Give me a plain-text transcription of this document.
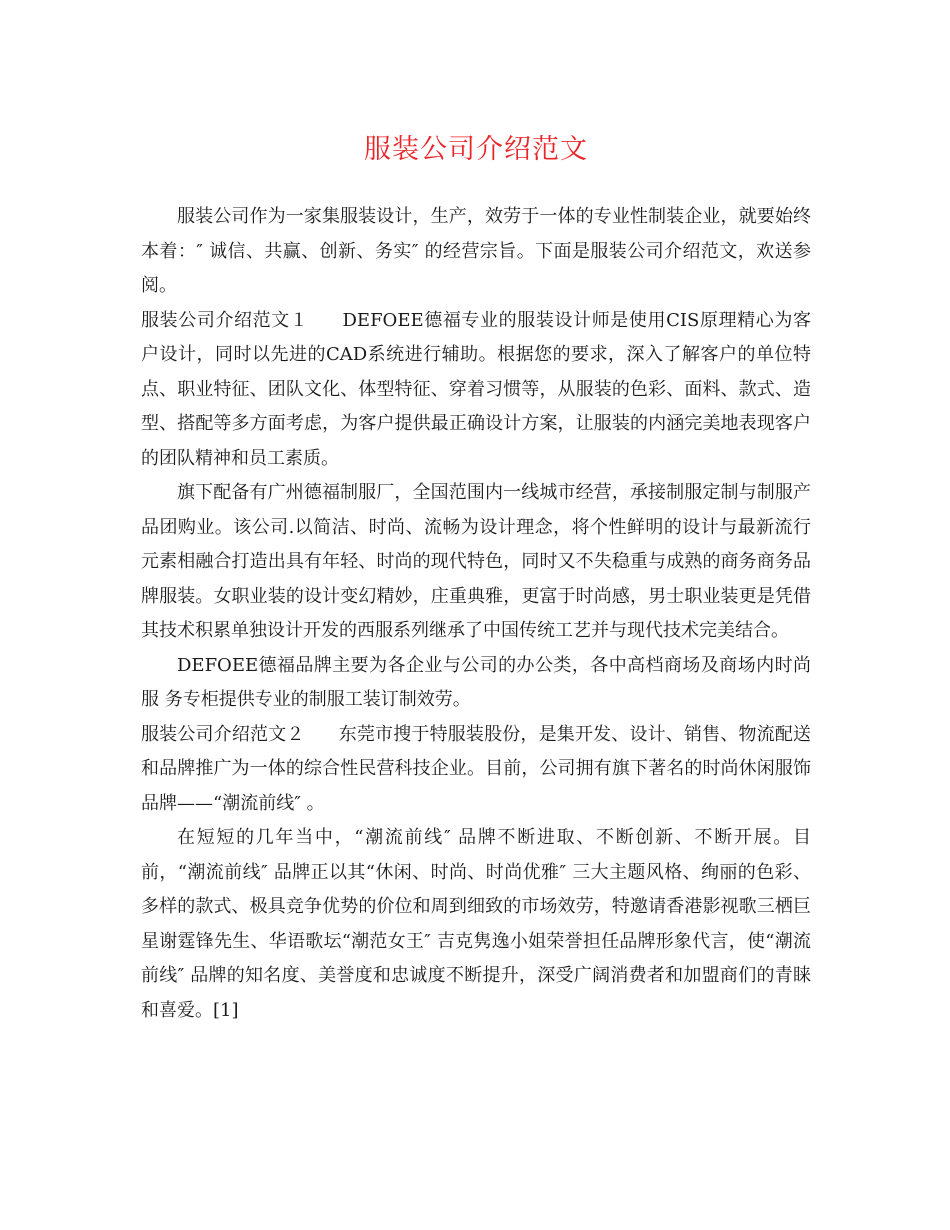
服装公司介绍范文

服装公司作为一家集服装设计，生产，效劳于一体的专业性制装企业，就要始终本着：″ 诚信、共赢、创新、务实″ 的经营宗旨。下面是服装公司介绍范文，欢送参阅。

服装公司介绍范文１ DEFOEE德福专业的服装设计师是使用CIS原理精心为客户设计，同时以先进的CAD系统进行辅助。根据您的要求，深入了解客户的单位特点、职业特征、团队文化、体型特征、穿着习惯等，从服装的色彩、面料、款式、造型、搭配等多方面考虑，为客户提供最正确设计方案，让服装的内涵完美地表现客户的团队精神和员工素质。

旗下配备有广州德福制服厂，全国范围内一线城市经营，承接制服定制与制服产品团购业。该公司.以简洁、时尚、流畅为设计理念，将个性鲜明的设计与最新流行元素相融合打造出具有年轻、时尚的现代特色，同时又不失稳重与成熟的商务商务品牌服装。女职业装的设计变幻精妙，庄重典雅，更富于时尚感，男士职业装更是凭借其技术积累单独设计开发的西服系列继承了中国传统工艺并与现代技术完美结合。

DEFOEE德福品牌主要为各企业与公司的办公类，各中高档商场及商场内时尚服 务专柜提供专业的制服工装订制效劳。

服装公司介绍范文２ 东莞市搜于特服装股份，是集开发、设计、销售、物流配送和品牌推广为一体的综合性民营科技企业。目前，公司拥有旗下著名的时尚休闲服饰品牌——“潮流前线″ 。

在短短的几年当中，“潮流前线″ 品牌不断进取、不断创新、不断开展。目前，“潮流前线″ 品牌正以其“休闲、时尚、时尚优雅″ 三大主题风格、绚丽的色彩、多样的款式、极具竞争优势的价位和周到细致的市场效劳，特邀请香港影视歌三栖巨星谢霆锋先生、华语歌坛“潮范女王″ 吉克隽逸小姐荣誉担任品牌形象代言，使“潮流前线″ 品牌的知名度、美誉度和忠诚度不断提升，深受广阔消费者和加盟商们的青睐和喜爱。[1]
